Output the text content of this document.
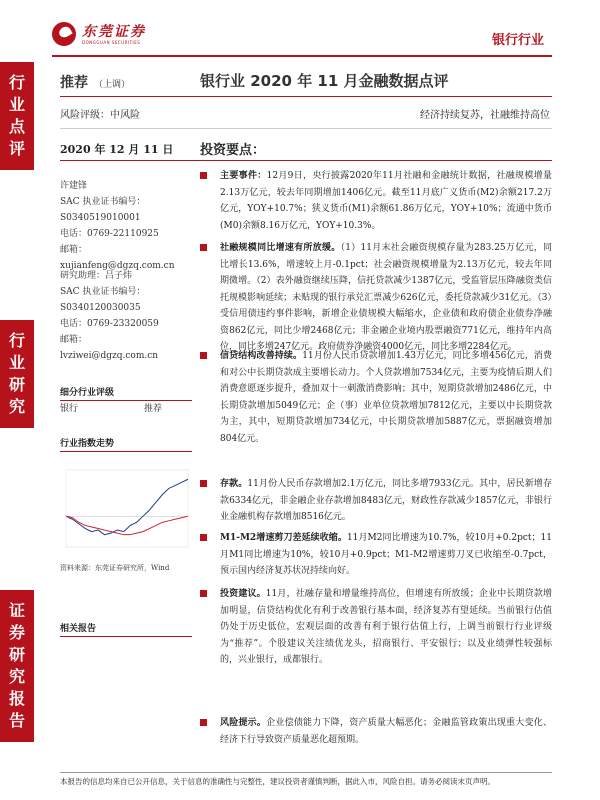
东莞证券
DONGGUAN SECURITIES	银行行业
行
业
点
评
行
业
研
究
证
券
研
究
报
告
推荐 （上调）	银行业 2020 年 11 月金融数据点评
风险评级：中风险	经济持续复苏，社融维持高位
2020 年 12 月 11 日 投资要点：
许建锋
SAC 执业证书编号：
S0340519010001
电话：0769-22110925
邮箱：xujianfeng@dgzq.com.cn
研究助理：吕子炜
SAC 执业证书编号：
S0340120030035
电话：0769-23320059
邮箱：
lvziwei@dgzq.com.cn
细分行业评级
银行	推荐
行业指数走势
资料来源：东莞证券研究所，Wind
相关报告

主要事件：12月9日，央行披露2020年11月社融和金融统计数据，社融规模增量2.13万亿元，较去年同期增加1406亿元。截至11月底广义货币(M2)余额217.2万亿元，YOY+10.7%；狭义货币(M1)余额61.86万亿元，YOY+10%；流通中货币(M0)余额8.16万亿元，YOY+10.3%。

社融规模同比增速有所放缓。（1）11月末社会融资规模存量为283.25万亿元，同比增长13.6%，增速较上月-0.1pct；社会融资规模增量为2.13万亿元，较去年同期微增。（2）表外融资继续压降，信托贷款减少1387亿元，受监管层压降融资类信托规模影响延续；未贴现的银行承兑汇票减少626亿元，委托贷款减少31亿元。（3）受信用债违约事件影响，新增企业债规模大幅缩水，企业债和政府债企业债券净融资862亿元，同比少增2468亿元；非金融企业境内股票融资771亿元，维持年内高位，同比多增247亿元。政府债券净融资4000亿元，同比多增2284亿元。

信贷结构改善持续。11月份人民币贷款增加1.43万亿元，同比多增456亿元，消费和对公中长期贷款成主要增长动力。个人贷款增加7534亿元，主要为疫情后期人们消费意愿逐步提升，叠加双十一刺激消费影响；其中，短期贷款增加2486亿元，中长期贷款增加5049亿元；企（事）业单位贷款增加7812亿元，主要以中长期贷款为主，其中，短期贷款增加734亿元，中长期贷款增加5887亿元，票据融资增加804亿元。

存款。11月份人民币存款增加2.1万亿元，同比多增7933亿元。其中，居民新增存款6334亿元，非金融企业存款增加8483亿元，财政性存款减少1857亿元，非银行业金融机构存款增加8516亿元。

M1-M2增速剪刀差延续收缩。11月M2同比增速为10.7%，较10月+0.2pct；11月M1同比增速为10%，较10月+0.9pct；M1-M2增速剪刀叉已收缩至-0.7pct，预示国内经济复苏状况持续向好。

投资建议。11月，社融存量和增量维持高位，但增速有所放缓；企业中长期贷款增加明显，信贷结构优化有利于改善银行基本面，经济复苏有望延续。当前银行估值仍处于历史低位，宏观层面的改善有利于银行估值上行，上调当前银行行业评级为“推荐”。个股建议关注绩优龙头，招商银行、平安银行；以及业绩弹性较强标的，兴业银行，成都银行。

风险提示。企业偿债能力下降，资产质量大幅恶化；金融监管政策出现重大变化、经济下行导致资产质量恶化超预期。

本报告的信息均来自已公开信息，关于信息的准确性与完整性，建议投资者谨慎判断，据此入市，风险自担。请务必阅读末页声明。
